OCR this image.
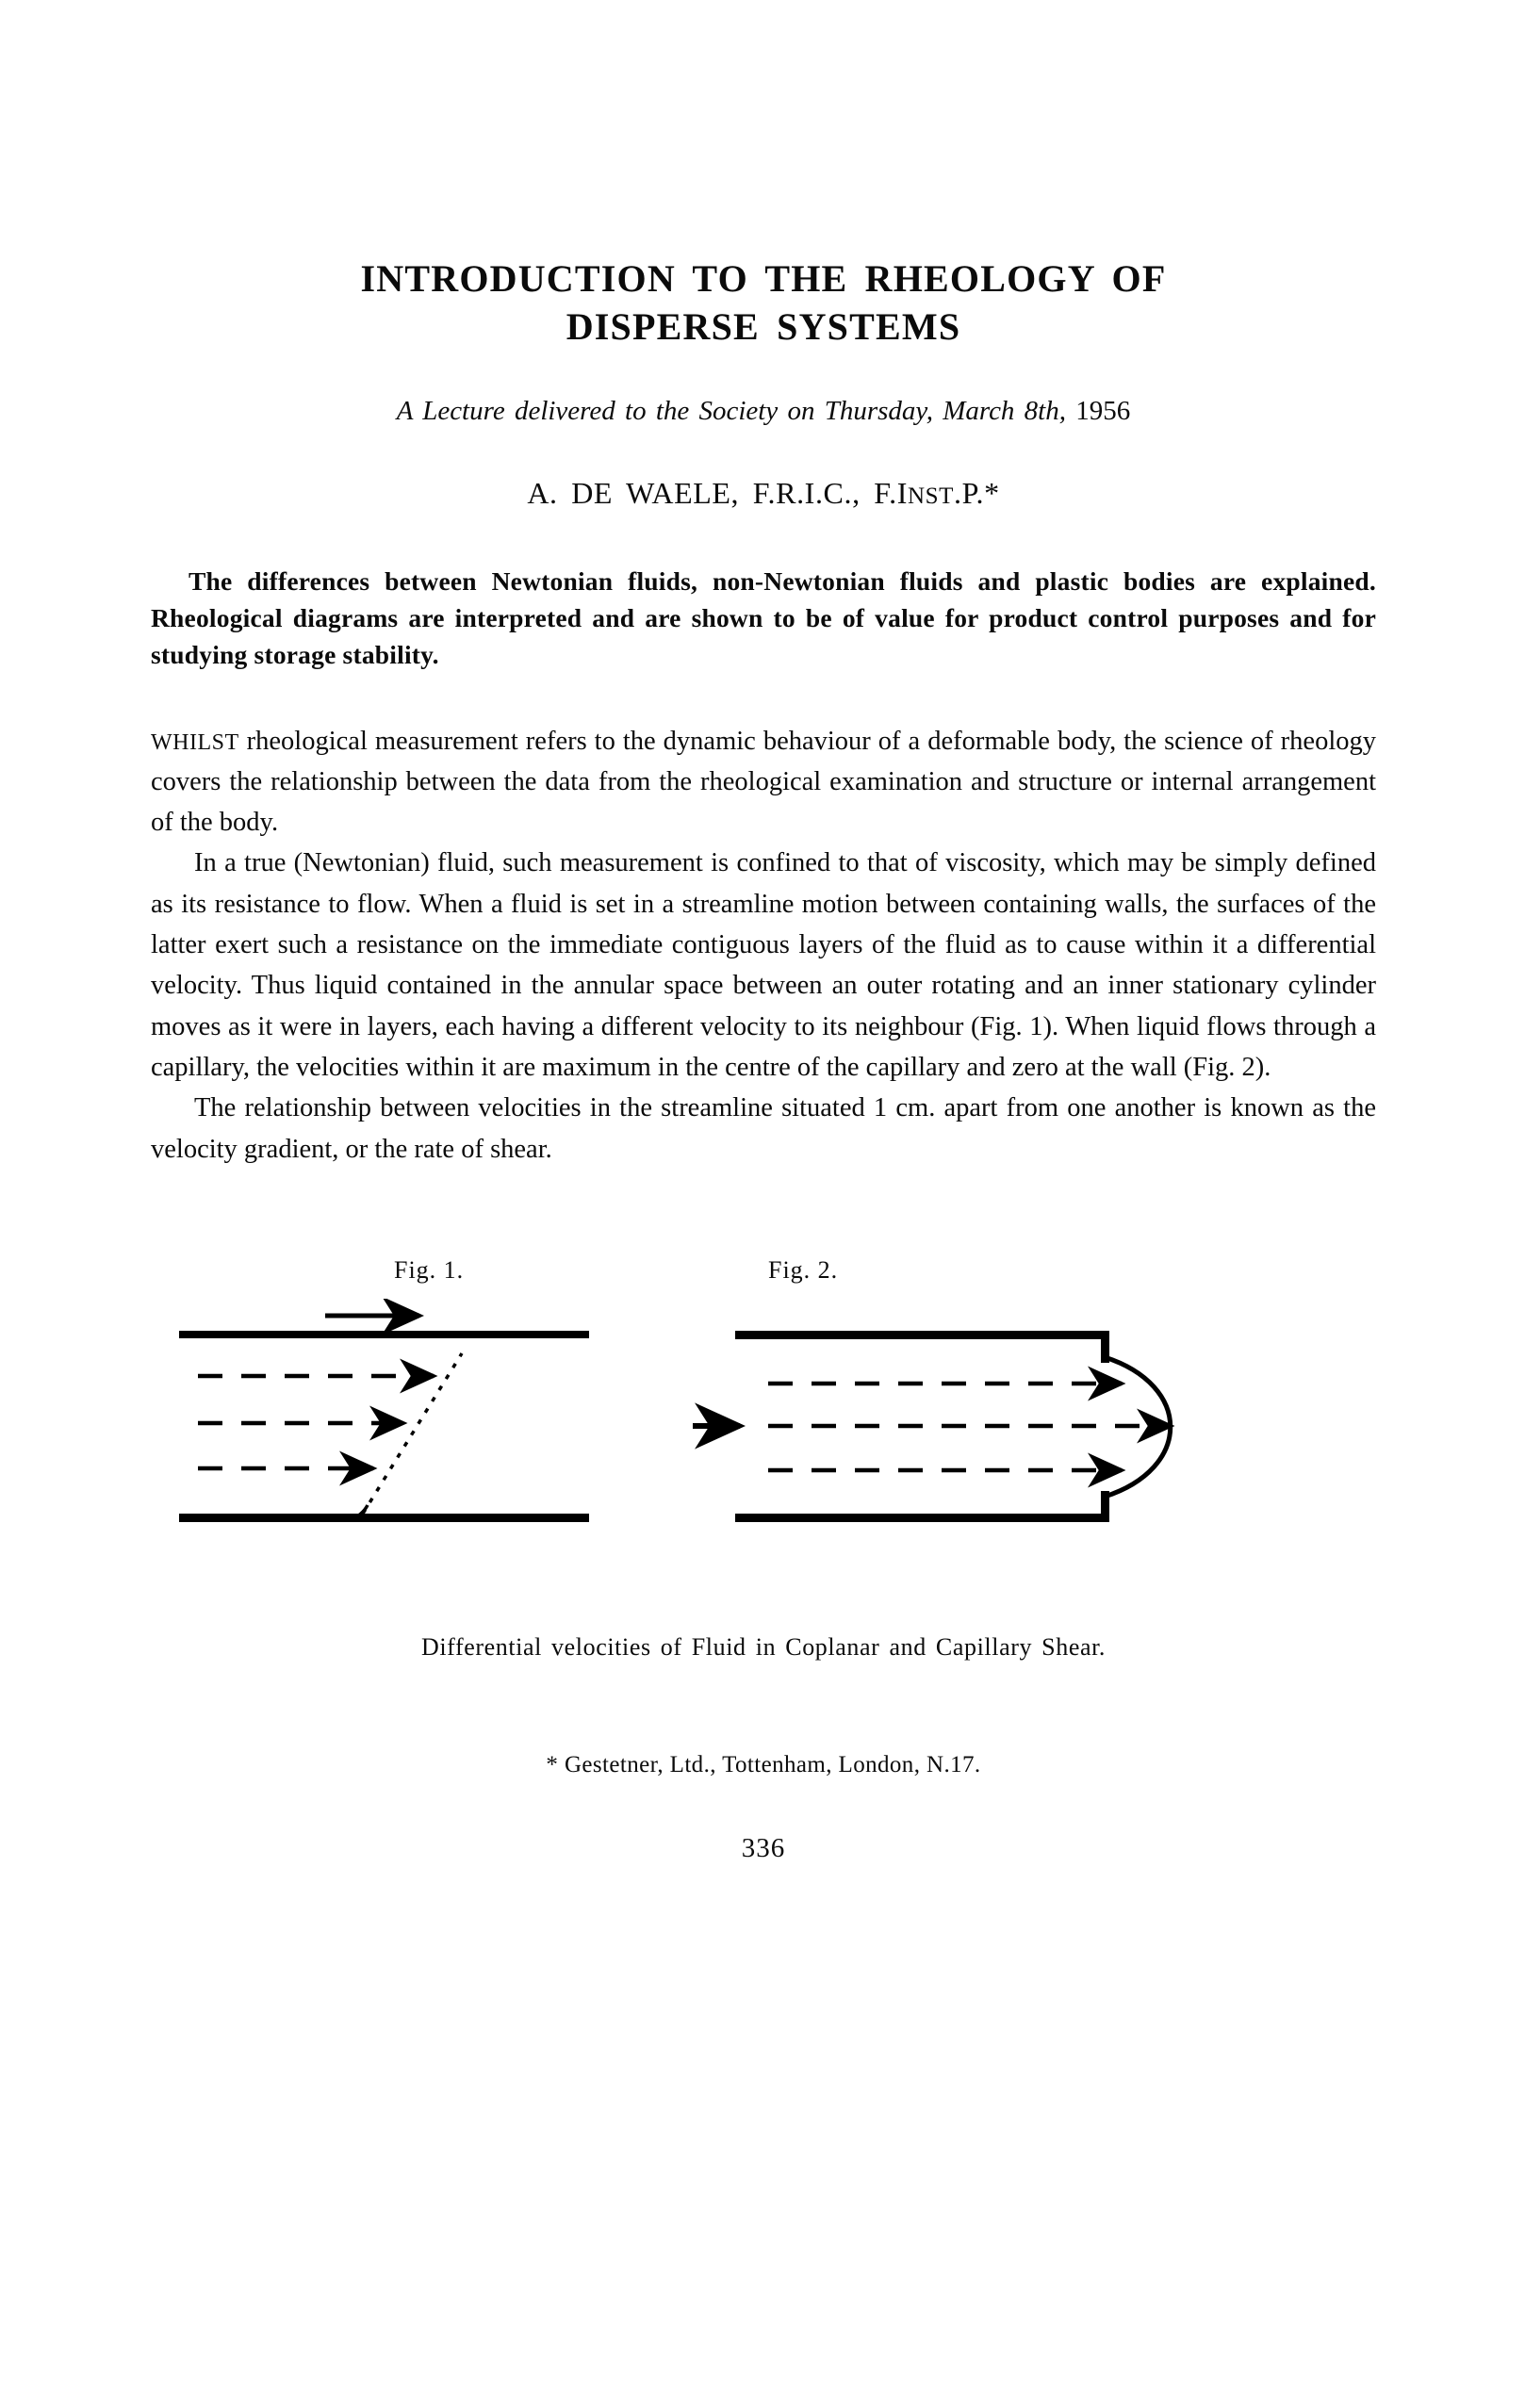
INTRODUCTION TO THE RHEOLOGY OF
DISPERSE SYSTEMS
A Lecture delivered to the Society on Thursday, March 8th, 1956
A. DE WAELE, F.R.I.C., F.INST.P.*
The differences between Newtonian fluids, non-Newtonian fluids and plastic bodies are explained. Rheological diagrams are interpreted and are shown to be of value for product control purposes and for studying storage stability.

WHILST rheological measurement refers to the dynamic behaviour of a deformable body, the science of rheology covers the relationship between the data from the rheological examination and structure or internal arrangement of the body.

In a true (Newtonian) fluid, such measurement is confined to that of viscosity, which may be simply defined as its resistance to flow. When a fluid is set in a streamline motion between containing walls, the surfaces of the latter exert such a resistance on the immediate contiguous layers of the fluid as to cause within it a differential velocity. Thus liquid contained in the annular space between an outer rotating and an inner stationary cylinder moves as it were in layers, each having a different velocity to its neighbour (Fig. 1). When liquid flows through a capillary, the velocities within it are maximum in the centre of the capillary and zero at the wall (Fig. 2).

The relationship between velocities in the streamline situated 1 cm. apart from one another is known as the velocity gradient, or the rate of shear.

Fig. 1.	Fig. 2.
Differential velocities of Fluid in Coplanar and Capillary Shear.
* Gestetner, Ltd., Tottenham, London, N.17.
336
